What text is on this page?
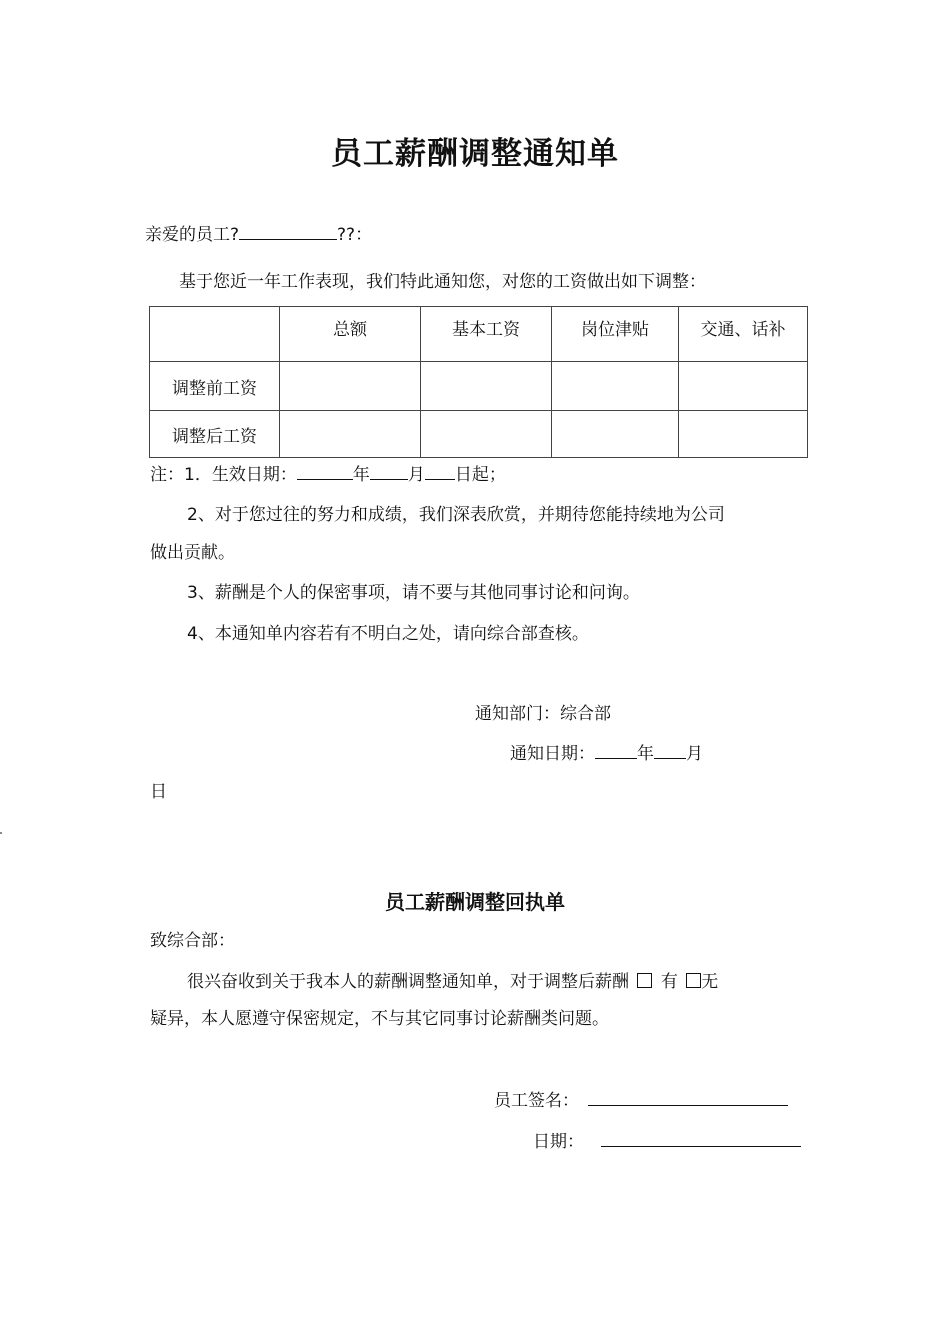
员工薪酬调整通知单
亲爱的员工?	??：
基于您近一年工作表现，我们特此通知您，对您的工资做出如下调整：
	总额	基本工资	岗位津贴	交通、话补
调整前工资				
调整后工资				
注：1．生效日期：	年 月 日起；
2、对于您过往的努力和成绩，我们深表欣赏，并期待您能持续地为公司
做出贡献。
3、薪酬是个人的保密事项，请不要与其他同事讨论和问询。
4、本通知单内容若有不明白之处，请向综合部查核。
通知部门：综合部
通知日期： 年 月
日
员工薪酬调整回执单
致综合部：
很兴奋收到关于我本人的薪酬调整通知单，对于调整后薪酬 有 无
疑异，本人愿遵守保密规定，不与其它同事讨论薪酬类问题。
员工签名：
日期：
